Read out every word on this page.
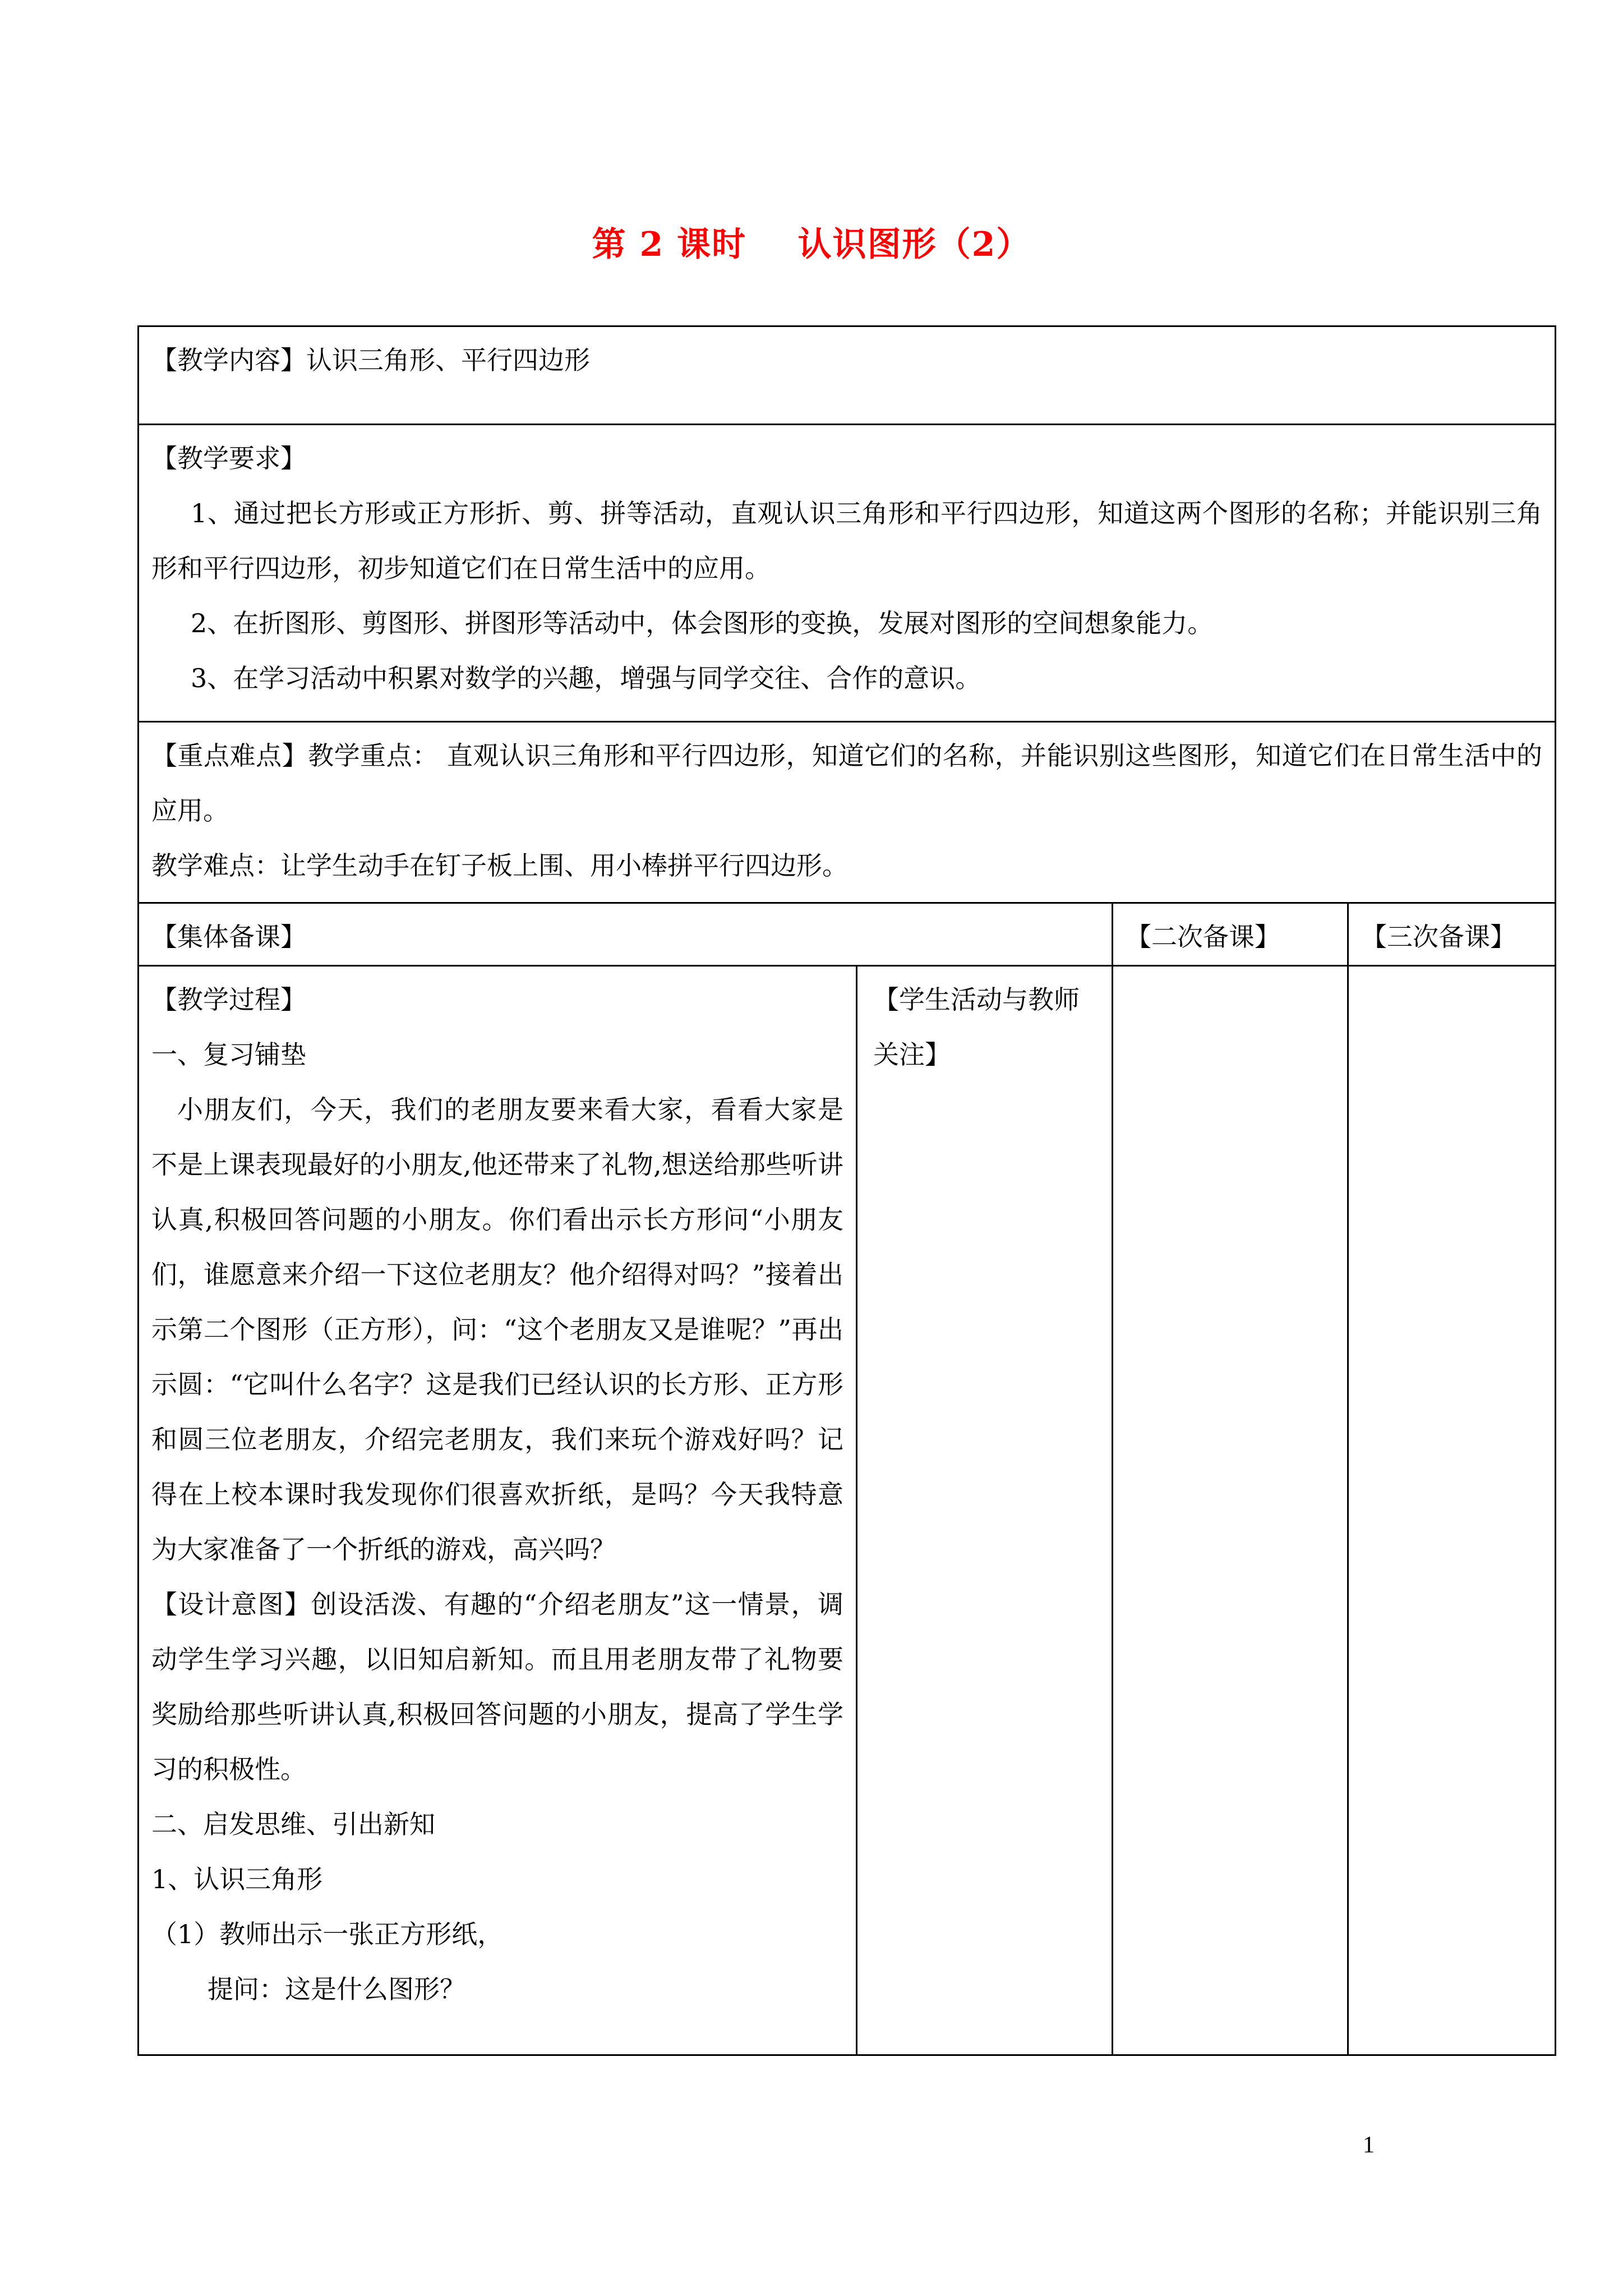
第 2 课时    认识图形（2）
【教学内容】认识三角形、平行四边形
【教学要求】
1、通过把长方形或正方形折、剪、拼等活动，直观认识三角形和平行四边形，知道这两个图形的名称；并能识别三角形和平行四边形，初步知道它们在日常生活中的应用。
2、在折图形、剪图形、拼图形等活动中，体会图形的变换，发展对图形的空间想象能力。
3、在学习活动中积累对数学的兴趣，增强与同学交往、合作的意识。
【重点难点】教学重点： 直观认识三角形和平行四边形，知道它们的名称，并能识别这些图形，知道它们在日常生活中的应用。
教学难点：让学生动手在钉子板上围、用小棒拼平行四边形。
【集体备课】	【二次备课】	【三次备课】
【教学过程】
一、复习铺垫
小朋友们，今天，我们的老朋友要来看大家，看看大家是不是上课表现最好的小朋友,他还带来了礼物,想送给那些听讲认真,积极回答问题的小朋友。你们看出示长方形问“小朋友们，谁愿意来介绍一下这位老朋友？他介绍得对吗？”接着出示第二个图形（正方形），问：“这个老朋友又是谁呢？”再出示圆：“它叫什么名字？这是我们已经认识的长方形、正方形和圆三位老朋友，介绍完老朋友，我们来玩个游戏好吗？记得在上校本课时我发现你们很喜欢折纸，是吗？今天我特意为大家准备了一个折纸的游戏，高兴吗？
【设计意图】创设活泼、有趣的“介绍老朋友”这一情景，调动学生学习兴趣，以旧知启新知。而且用老朋友带了礼物要奖励给那些听讲认真,积极回答问题的小朋友，提高了学生学习的积极性。
二、启发思维、引出新知
1、认识三角形
（1）教师出示一张正方形纸，
提问：这是什么图形？
【学生活动与教师关注】
1
